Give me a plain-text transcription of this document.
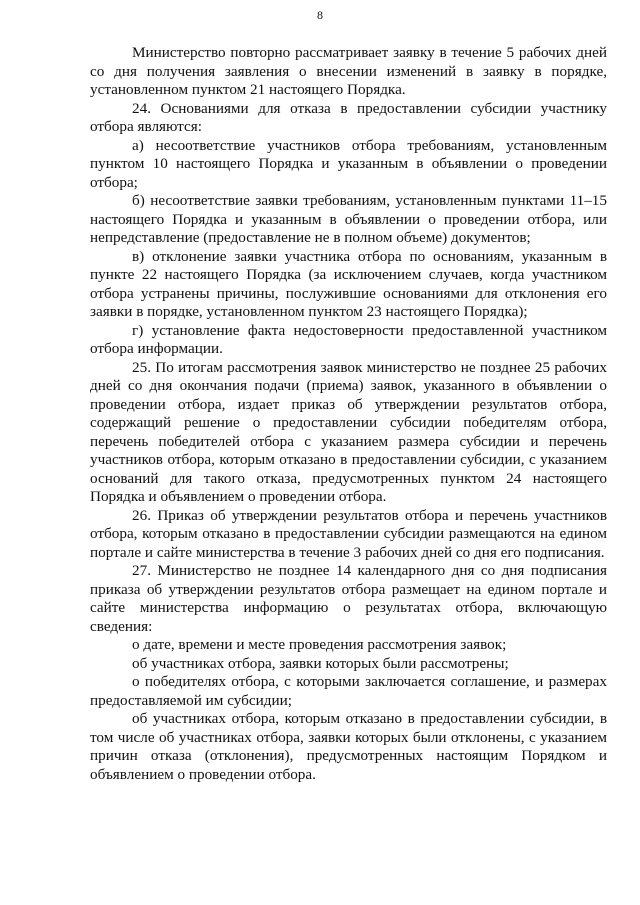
8

Министерство повторно рассматривает заявку в течение 5 рабочих дней со дня получения заявления о внесении изменений в заявку в порядке, установленном пунктом 21 настоящего Порядка.

24. Основаниями для отказа в предоставлении субсидии участнику отбора являются:

а) несоответствие участников отбора требованиям, установленным пунктом 10 настоящего Порядка и указанным в объявлении о проведении отбора;

б) несоответствие заявки требованиям, установленным пунктами 11–15 настоящего Порядка и указанным в объявлении о проведении отбора, или непредставление (предоставление не в полном объеме) документов;

в) отклонение заявки участника отбора по основаниям, указанным в пункте 22 настоящего Порядка (за исключением случаев, когда участником отбора устранены причины, послужившие основаниями для отклонения его заявки в порядке, установленном пунктом 23 настоящего Порядка);

г) установление факта недостоверности предоставленной участником отбора информации.

25. По итогам рассмотрения заявок министерство не позднее 25 рабочих дней со дня окончания подачи (приема) заявок, указанного в объявлении о проведении отбора, издает приказ об утверждении результатов отбора, содержащий решение о предоставлении субсидии победителям отбора, перечень победителей отбора с указанием размера субсидии и перечень участников отбора, которым отказано в предоставлении субсидии, с указанием оснований для такого отказа, предусмотренных пунктом 24 настоящего Порядка и объявлением о проведении отбора.

26. Приказ об утверждении результатов отбора и перечень участников отбора, которым отказано в предоставлении субсидии размещаются на едином портале и сайте министерства в течение 3 рабочих дней со дня его подписания.

27. Министерство не позднее 14 календарного дня со дня подписания приказа об утверждении результатов отбора размещает на едином портале и сайте министерства информацию о результатах отбора, включающую сведения:

о дате, времени и месте проведения рассмотрения заявок;

об участниках отбора, заявки которых были рассмотрены;

о победителях отбора, с которыми заключается соглашение, и размерах предоставляемой им субсидии;

об участниках отбора, которым отказано в предоставлении субсидии, в том числе об участниках отбора, заявки которых были отклонены, с указанием причин отказа (отклонения), предусмотренных настоящим Порядком и объявлением о проведении отбора.
